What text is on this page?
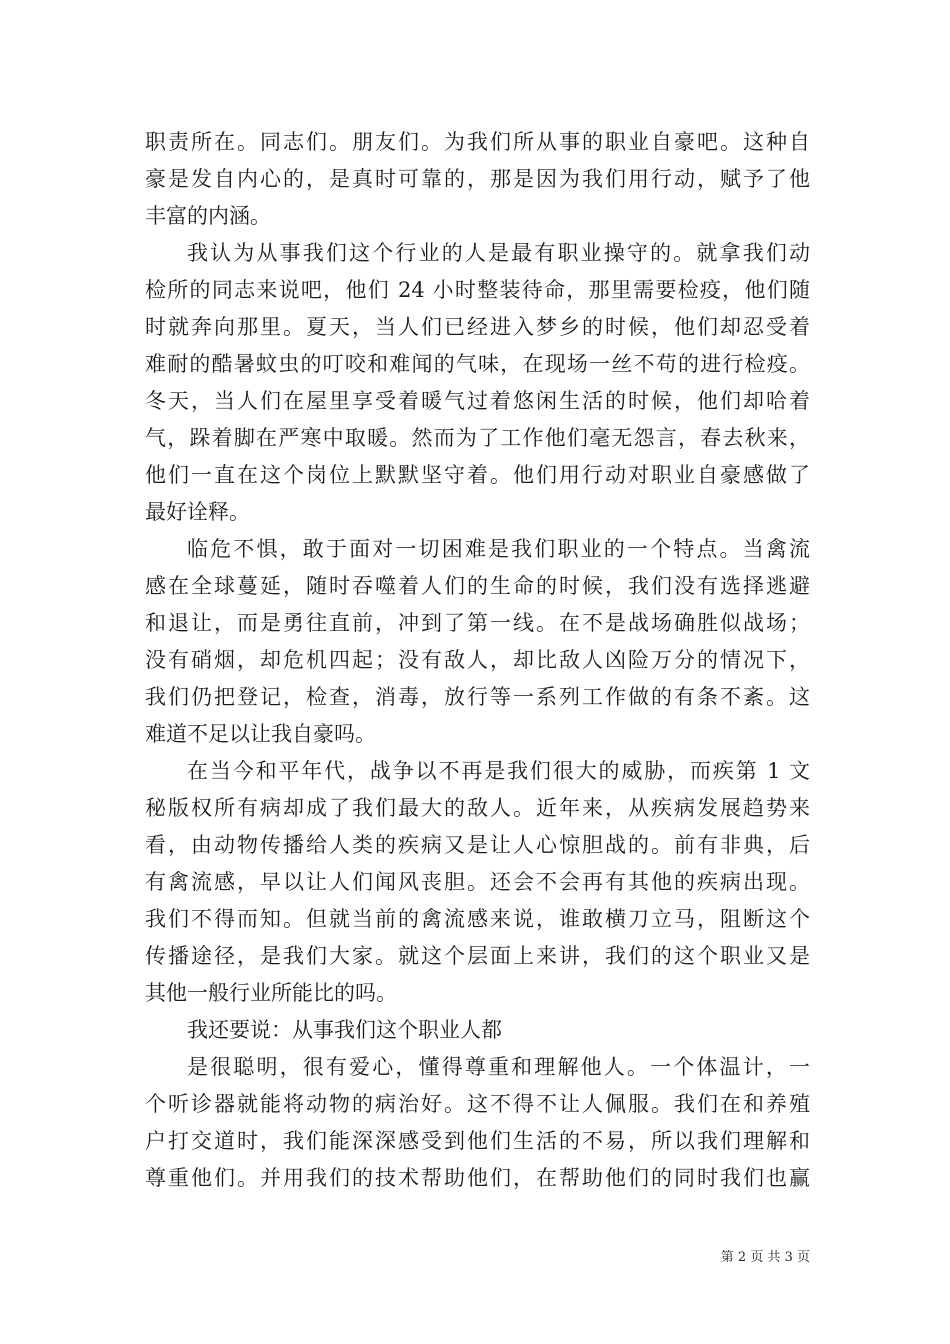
职责所在。同志们。朋友们。为我们所从事的职业自豪吧。这种自
豪是发自内心的，是真时可靠的，那是因为我们用行动，赋予了他
丰富的内涵。
我认为从事我们这个行业的人是最有职业操守的。就拿我们动
检所的同志来说吧，他们 24 小时整装待命，那里需要检疫，他们随
时就奔向那里。夏天，当人们已经进入梦乡的时候，他们却忍受着
难耐的酷暑蚊虫的叮咬和难闻的气味，在现场一丝不苟的进行检疫。
冬天，当人们在屋里享受着暖气过着悠闲生活的时候，他们却哈着
气，跺着脚在严寒中取暖。然而为了工作他们毫无怨言，春去秋来，
他们一直在这个岗位上默默坚守着。他们用行动对职业自豪感做了
最好诠释。
临危不惧，敢于面对一切困难是我们职业的一个特点。当禽流
感在全球蔓延，随时吞噬着人们的生命的时候，我们没有选择逃避
和退让，而是勇往直前，冲到了第一线。在不是战场确胜似战场；
没有硝烟，却危机四起；没有敌人，却比敌人凶险万分的情况下，
我们仍把登记，检查，消毒，放行等一系列工作做的有条不紊。这
难道不足以让我自豪吗。
在当今和平年代，战争以不再是我们很大的威胁，而疾第 1 文
秘版权所有病却成了我们最大的敌人。近年来，从疾病发展趋势来
看，由动物传播给人类的疾病又是让人心惊胆战的。前有非典，后
有禽流感，早以让人们闻风丧胆。还会不会再有其他的疾病出现。
我们不得而知。但就当前的禽流感来说，谁敢横刀立马，阻断这个
传播途径，是我们大家。就这个层面上来讲，我们的这个职业又是
其他一般行业所能比的吗。
我还要说：从事我们这个职业人都
是很聪明，很有爱心，懂得尊重和理解他人。一个体温计，一
个听诊器就能将动物的病治好。这不得不让人佩服。我们在和养殖
户打交道时，我们能深深感受到他们生活的不易，所以我们理解和
尊重他们。并用我们的技术帮助他们，在帮助他们的同时我们也赢
第 2 页 共 3 页
